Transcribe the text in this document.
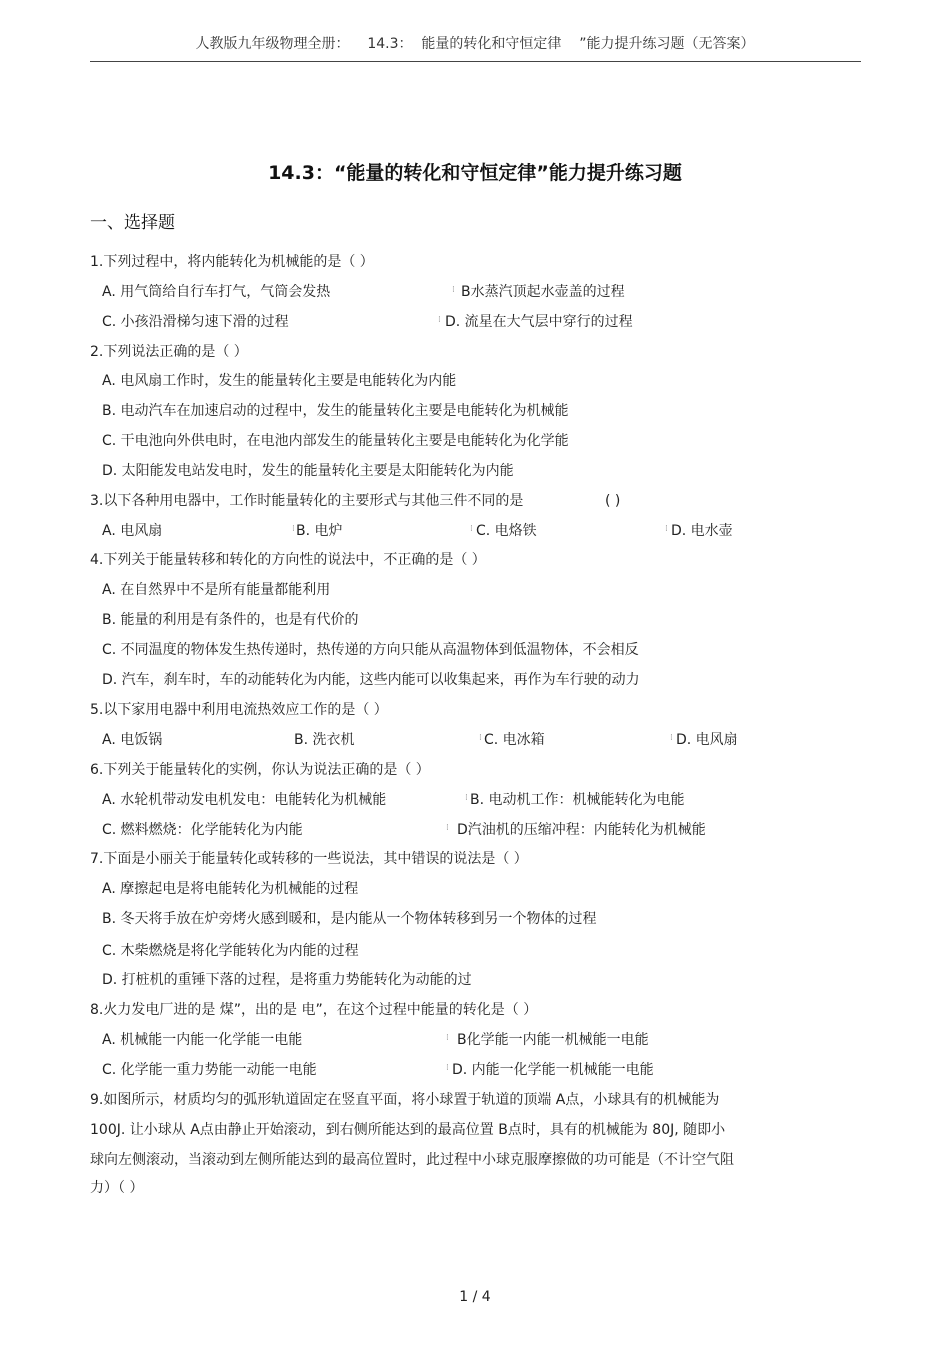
人教版九年级物理全册：    14.3：  能量的转化和守恒定律    ”能力提升练习题（无答案）
14.3：“能量的转化和守恒定律”能力提升练习题
一、选择题
1.下列过程中，将内能转化为机械能的是（ ）
A. 用气筒给自行车打气，气筒会发热	⁞ B水蒸汽顶起水壶盖的过程
C. 小孩沿滑梯匀速下滑的过程	⁞ D. 流星在大气层中穿行的过程
2.下列说法正确的是（ ）
A. 电风扇工作时，发生的能量转化主要是电能转化为内能
B. 电动汽车在加速启动的过程中，发生的能量转化主要是电能转化为机械能
C. 干电池向外供电时，在电池内部发生的能量转化主要是电能转化为化学能
D. 太阳能发电站发电时，发生的能量转化主要是太阳能转化为内能
3.以下各种用电器中，工作时能量转化的主要形式与其他三件不同的是	( )
A. 电风扇	⁞ B. 电炉	⁞ C. 电烙铁	⁞ D. 电水壶
4.下列关于能量转移和转化的方向性的说法中，不正确的是（ ）
A. 在自然界中不是所有能量都能利用
B. 能量的利用是有条件的，也是有代价的
C. 不同温度的物体发生热传递时，热传递的方向只能从高温物体到低温物体，不会相反
D. 汽车，刹车时，车的动能转化为内能，这些内能可以收集起来，再作为车行驶的动力
5.以下家用电器中利用电流热效应工作的是（ ）
A. 电饭锅	B. 洗衣机	⁞ C. 电冰箱	⁞ D. 电风扇
6.下列关于能量转化的实例，你认为说法正确的是（ ）
A. 水轮机带动发电机发电：电能转化为机械能	⁞ B. 电动机工作：机械能转化为电能
C. 燃料燃烧：化学能转化为内能	⁞ D汽油机的压缩冲程：内能转化为机械能
7.下面是小丽关于能量转化或转移的一些说法，其中错误的说法是（ ）
A. 摩擦起电是将电能转化为机械能的过程
B. 冬天将手放在炉旁烤火感到暖和，是内能从一个物体转移到另一个物体的过程
C. 木柴燃烧是将化学能转化为内能的过程
D. 打桩机的重锤下落的过程，是将重力势能转化为动能的过
8.火力发电厂进的是 煤”，出的是 电”，在这个过程中能量的转化是（ ）
A. 机械能一内能一化学能一电能	⁞ B化学能一内能一机械能一电能
C. 化学能一重力势能一动能一电能	⁞ D. 内能一化学能一机械能一电能
9.如图所示，材质均匀的弧形轨道固定在竖直平面，将小球置于轨道的顶端 A点，小球具有的机械能为
100J. 让小球从 A点由静止开始滚动，到右侧所能达到的最高位置 B点时，具有的机械能为 80J, 随即小
球向左侧滚动，当滚动到左侧所能达到的最高位置时，此过程中小球克服摩擦做的功可能是（不计空气阻
力）（ ）
1 / 4
